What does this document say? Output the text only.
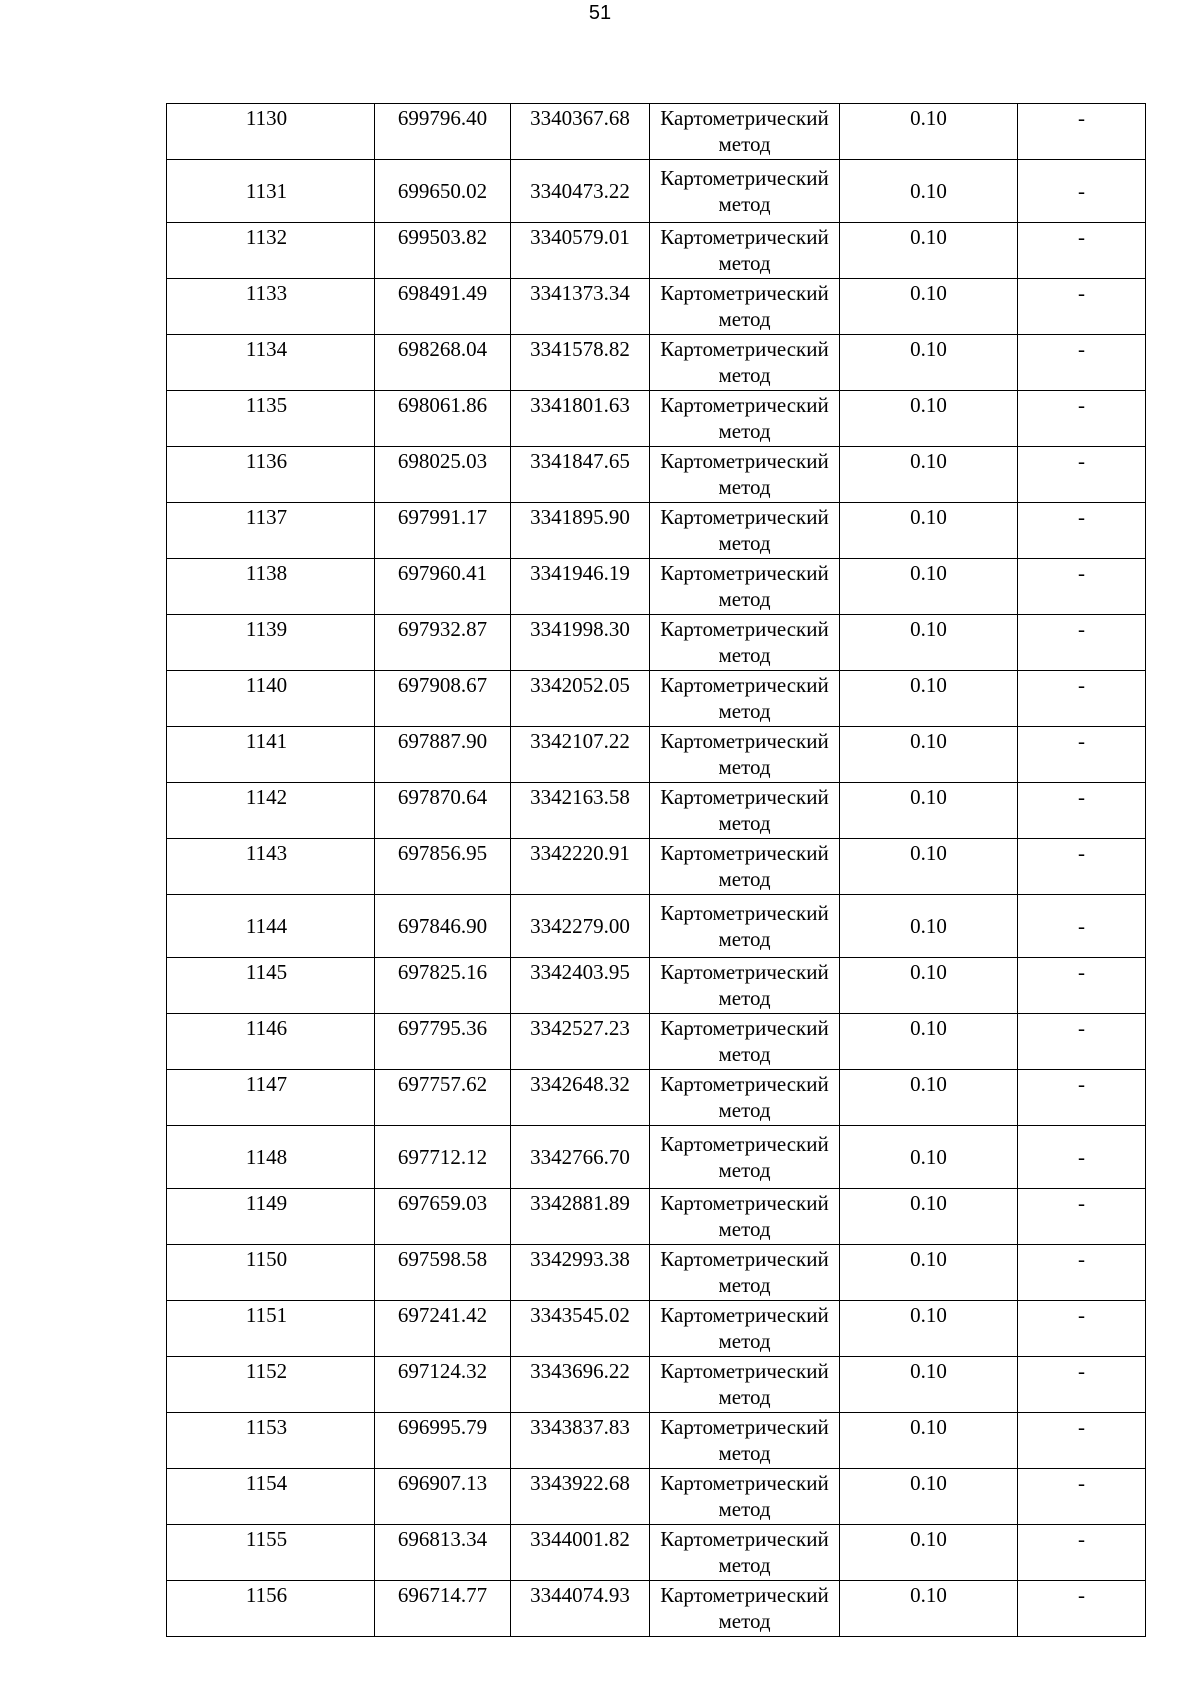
51
1130	699796.40	3340367.68	Картометрический
метод	0.10	-
1131	699650.02	3340473.22	Картометрический
метод	0.10	-
1132	699503.82	3340579.01	Картометрический
метод	0.10	-
1133	698491.49	3341373.34	Картометрический
метод	0.10	-
1134	698268.04	3341578.82	Картометрический
метод	0.10	-
1135	698061.86	3341801.63	Картометрический
метод	0.10	-
1136	698025.03	3341847.65	Картометрический
метод	0.10	-
1137	697991.17	3341895.90	Картометрический
метод	0.10	-
1138	697960.41	3341946.19	Картометрический
метод	0.10	-
1139	697932.87	3341998.30	Картометрический
метод	0.10	-
1140	697908.67	3342052.05	Картометрический
метод	0.10	-
1141	697887.90	3342107.22	Картометрический
метод	0.10	-
1142	697870.64	3342163.58	Картометрический
метод	0.10	-
1143	697856.95	3342220.91	Картометрический
метод	0.10	-
1144	697846.90	3342279.00	Картометрический
метод	0.10	-
1145	697825.16	3342403.95	Картометрический
метод	0.10	-
1146	697795.36	3342527.23	Картометрический
метод	0.10	-
1147	697757.62	3342648.32	Картометрический
метод	0.10	-
1148	697712.12	3342766.70	Картометрический
метод	0.10	-
1149	697659.03	3342881.89	Картометрический
метод	0.10	-
1150	697598.58	3342993.38	Картометрический
метод	0.10	-
1151	697241.42	3343545.02	Картометрический
метод	0.10	-
1152	697124.32	3343696.22	Картометрический
метод	0.10	-
1153	696995.79	3343837.83	Картометрический
метод	0.10	-
1154	696907.13	3343922.68	Картометрический
метод	0.10	-
1155	696813.34	3344001.82	Картометрический
метод	0.10	-
1156	696714.77	3344074.93	Картометрический
метод	0.10	-
